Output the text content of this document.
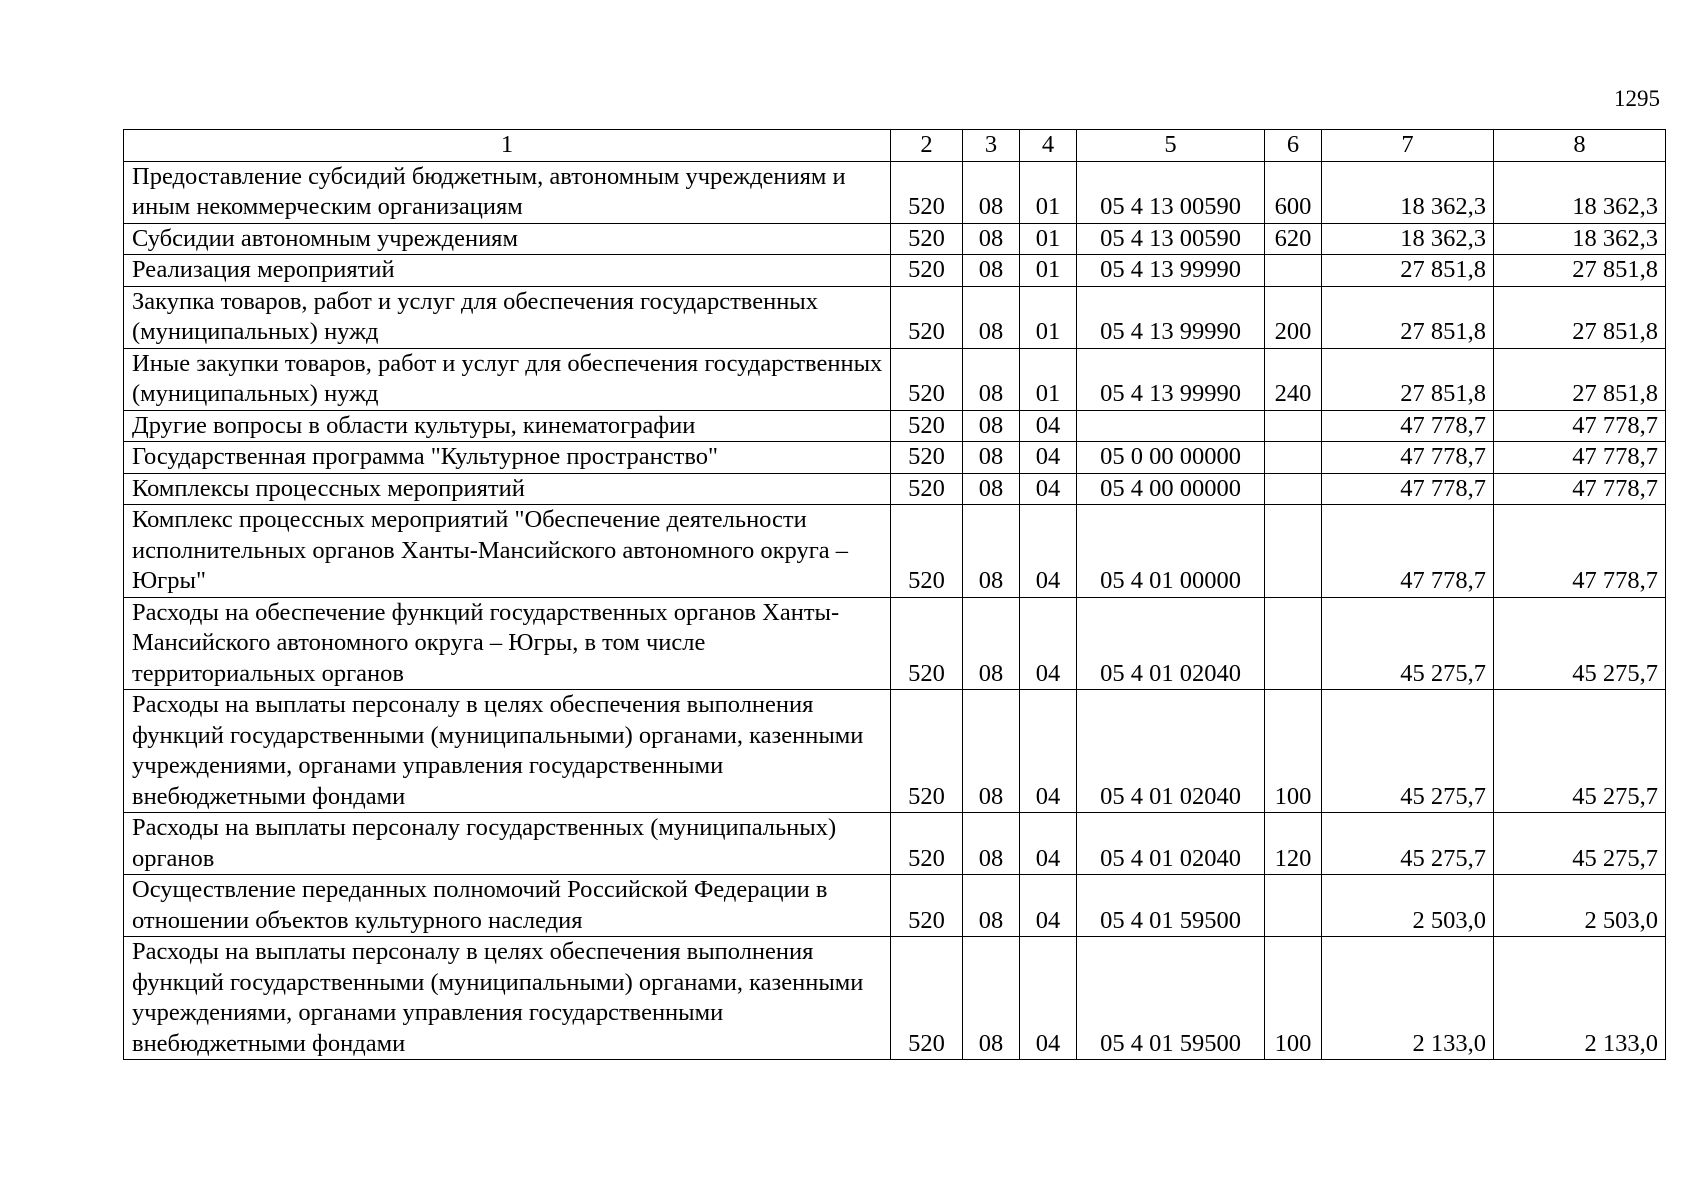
1295
1	2	3	4	5	6	7	8
Предоставление субсидий бюджетным, автономным учреждениям и иным некоммерческим организациям	520	08	01	05 4 13 00590	600	18 362,3	18 362,3
Субсидии автономным учреждениям	520	08	01	05 4 13 00590	620	18 362,3	18 362,3
Реализация мероприятий	520	08	01	05 4 13 99990		27 851,8	27 851,8
Закупка товаров, работ и услуг для обеспечения государственных (муниципальных) нужд	520	08	01	05 4 13 99990	200	27 851,8	27 851,8
Иные закупки товаров, работ и услуг для обеспечения государственных (муниципальных) нужд	520	08	01	05 4 13 99990	240	27 851,8	27 851,8
Другие вопросы в области культуры, кинематографии	520	08	04			47 778,7	47 778,7
Государственная программа "Культурное пространство"	520	08	04	05 0 00 00000		47 778,7	47 778,7
Комплексы процессных мероприятий	520	08	04	05 4 00 00000		47 778,7	47 778,7
Комплекс процессных мероприятий "Обеспечение деятельности исполнительных органов Ханты-Мансийского автономного округа – Югры"	520	08	04	05 4 01 00000		47 778,7	47 778,7
Расходы на обеспечение функций государственных органов Ханты-Мансийского автономного округа – Югры, в том числе территориальных органов	520	08	04	05 4 01 02040		45 275,7	45 275,7
Расходы на выплаты персоналу в целях обеспечения выполнения функций государственными (муниципальными) органами, казенными учреждениями, органами управления государственными внебюджетными фондами	520	08	04	05 4 01 02040	100	45 275,7	45 275,7
Расходы на выплаты персоналу государственных (муниципальных) органов	520	08	04	05 4 01 02040	120	45 275,7	45 275,7
Осуществление переданных полномочий Российской Федерации в отношении объектов культурного наследия	520	08	04	05 4 01 59500		2 503,0	2 503,0
Расходы на выплаты персоналу в целях обеспечения выполнения функций государственными (муниципальными) органами, казенными учреждениями, органами управления государственными внебюджетными фондами	520	08	04	05 4 01 59500	100	2 133,0	2 133,0
